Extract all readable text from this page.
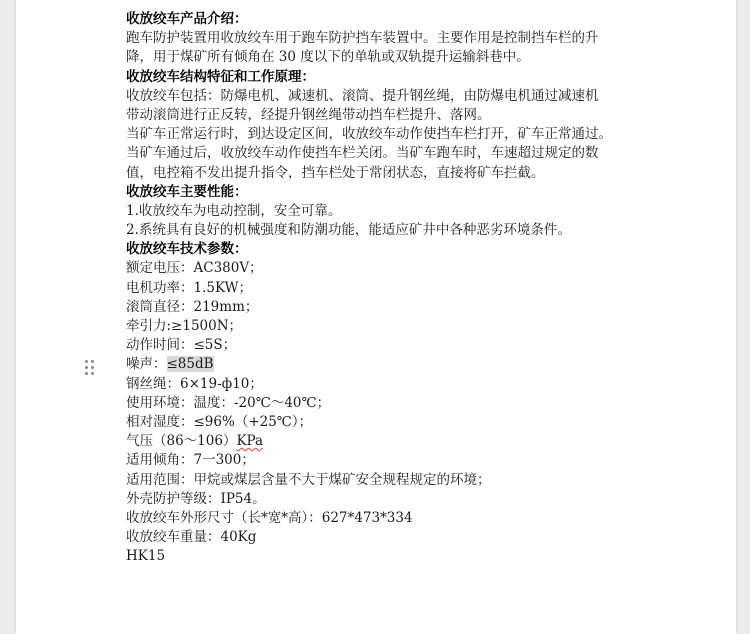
收放绞车产品介绍：
跑车防护装置用收放绞车用于跑车防护挡车装置中。主要作用是控制挡车栏的升
降，用于煤矿所有倾角在 30 度以下的单轨或双轨提升运输斜巷中。
收放绞车结构特征和工作原理：
收放绞车包括：防爆电机、减速机、滚筒、提升钢丝绳，由防爆电机通过减速机
带动滚筒进行正反转，经提升钢丝绳带动挡车栏提升、落网。
当矿车正常运行时，到达设定区间，收放绞车动作使挡车栏打开，矿车正常通过。
当矿车通过后，收放绞车动作使挡车栏关闭。当矿车跑车时，车速超过规定的数
值，电控箱不发出提升指令，挡车栏处于常闭状态，直接将矿车拦截。
收放绞车主要性能：
1.收放绞车为电动控制，安全可靠。
2.系统具有良好的机械强度和防潮功能，能适应矿井中各种恶劣环境条件。
收放绞车技术参数：
额定电压：AC380V；
电机功率：1.5KW；
滚筒直径：219mm；
牵引力:≥1500N；
动作时间：≤5S；
噪声：≤85dB
钢丝绳：6×19-ф10；
使用环境：温度：-20℃～40℃；
相对湿度：≤96%（+25℃）；
气压（86～106）KPa
适用倾角：7一300；
适用范围：甲烷或煤层含量不大于煤矿安全规程规定的环境；
外壳防护等级：IP54。
收放绞车外形尺寸（长*宽*高）：627*473*334
收放绞车重量：40Kg
HK15
